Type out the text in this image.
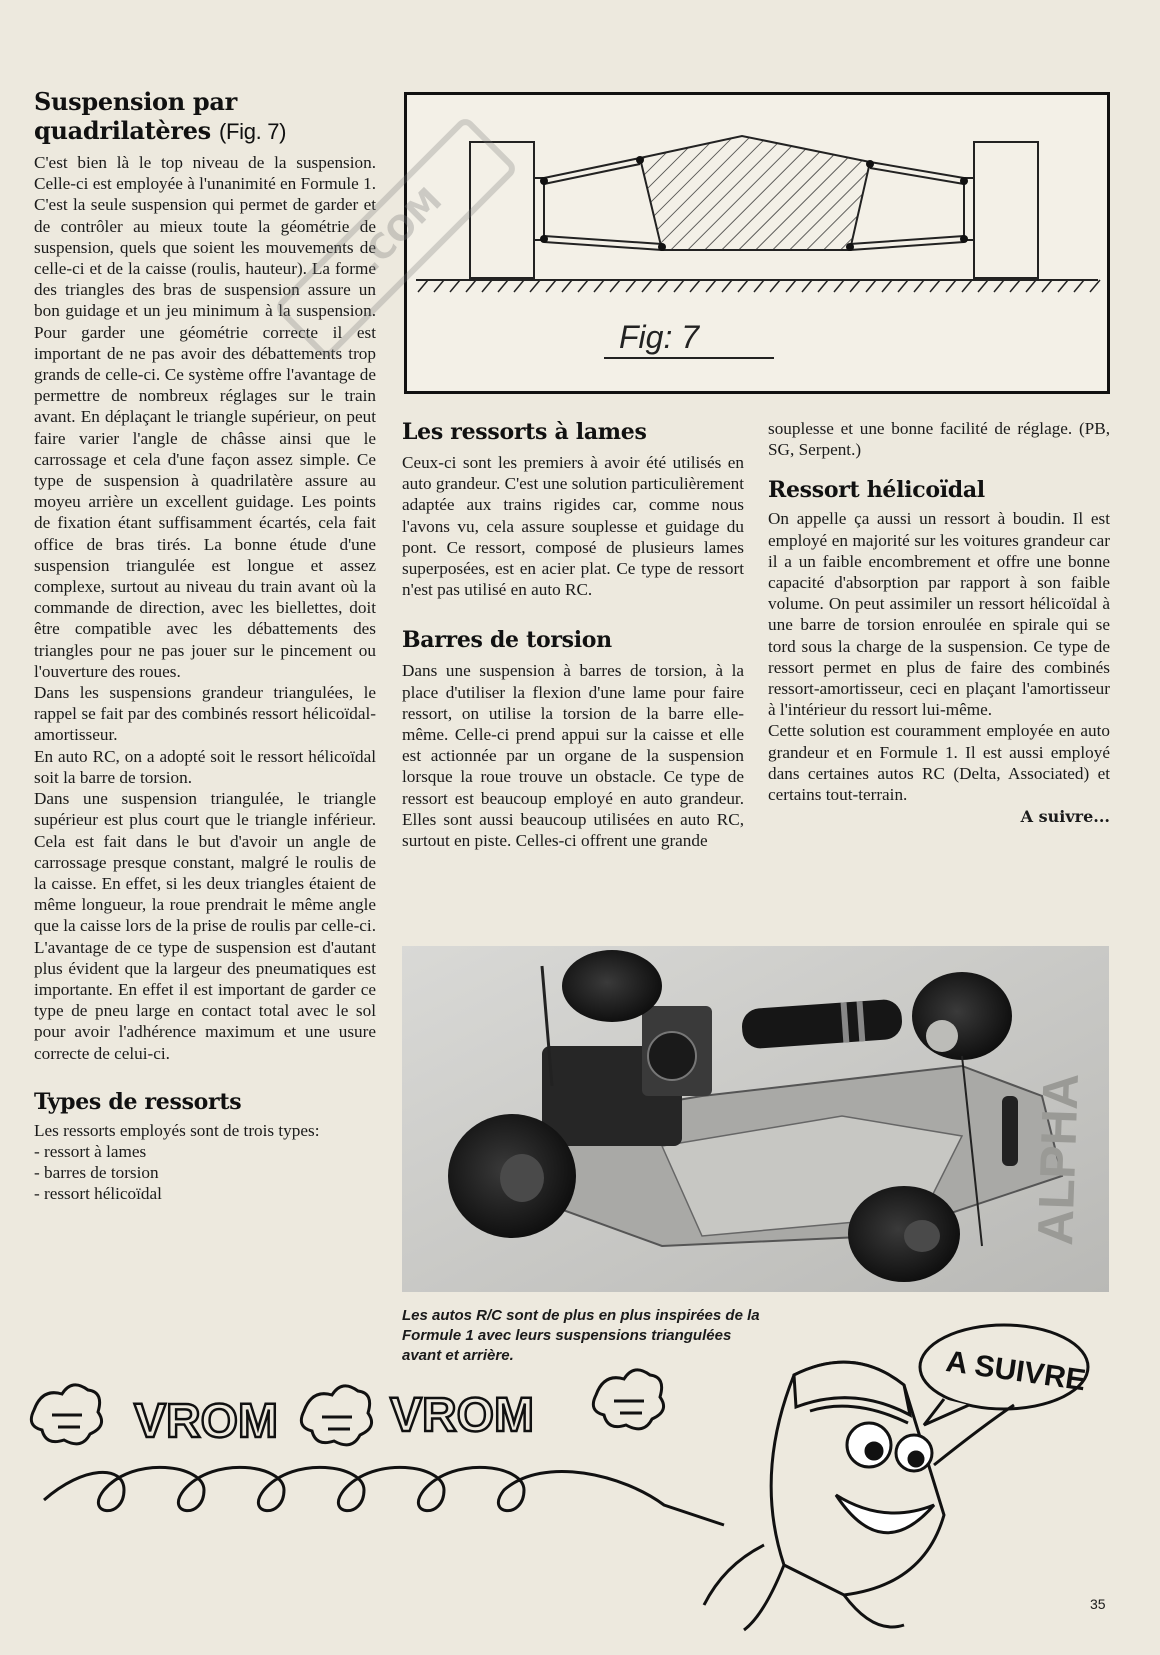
Suspension par quadrilatères (Fig. 7)

C'est bien là le top niveau de la suspension. Celle-ci est employée à l'unanimité en Formule 1. C'est la seule suspension qui permet de garder et de contrôler au mieux toute la géométrie de suspension, quels que soient les mouvements de celle-ci et de la caisse (roulis, hauteur). La forme des triangles des bras de suspension assure un bon guidage et un jeu minimum à la suspension. Pour garder une géométrie correcte il est important de ne pas avoir des débattements trop grands de celle-ci. Ce système offre l'avantage de permettre de nombreux réglages sur le train avant. En déplaçant le triangle supérieur, on peut faire varier l'angle de châsse ainsi que le carrossage et cela d'une façon assez simple. Ce type de suspension à quadrilatère assure au moyeu arrière un excellent guidage. Les points de fixation étant suffisamment écartés, cela fait office de bras tirés. La bonne étude d'une suspension triangulée est longue et assez complexe, surtout au niveau du train avant où la commande de direction, avec les biellettes, doit être compatible avec les débattements des triangles pour ne pas jouer sur le pincement ou l'ouverture des roues.

Dans les suspensions grandeur triangulées, le rappel se fait par des combinés ressort hélicoïdal-amortisseur.

En auto RC, on a adopté soit le ressort hélicoïdal soit la barre de torsion.

Dans une suspension triangulée, le triangle supérieur est plus court que le triangle inférieur. Cela est fait dans le but d'avoir un angle de carrossage presque constant, malgré le roulis de la caisse. En effet, si les deux triangles étaient de même longueur, la roue prendrait le même angle que la caisse lors de la prise de roulis par celle-ci. L'avantage de ce type de suspension est d'autant plus évident que la largeur des pneumatiques est importante. En effet il est important de garder ce type de pneu large en contact total avec le sol pour avoir l'adhérence maximum et une usure correcte de celui-ci.

Types de ressorts

Les ressorts employés sont de trois types:

- ressort à lames
- barres de torsion
- ressort hélicoïdal
Fig: 7
Les ressorts à lames

Ceux-ci sont les premiers à avoir été utilisés en auto grandeur. C'est une solution particulièrement adaptée aux trains rigides car, comme nous l'avons vu, cela assure souplesse et guidage du pont. Ce ressort, composé de plusieurs lames superposées, est en acier plat. Ce type de ressort n'est pas utilisé en auto RC.

Barres de torsion

Dans une suspension à barres de torsion, à la place d'utiliser la flexion d'une lame pour faire ressort, on utilise la torsion de la barre elle-même. Celle-ci prend appui sur la caisse et elle est actionnée par un organe de la suspension lorsque la roue trouve un obstacle. Ce type de ressort est beaucoup employé en auto grandeur. Elles sont aussi beaucoup utilisées en auto RC, surtout en piste. Celles-ci offrent une grande

souplesse et une bonne facilité de réglage. (PB, SG, Serpent.)

Ressort hélicoïdal

On appelle ça aussi un ressort à boudin. Il est employé en majorité sur les voitures grandeur car il a un faible encombrement et offre une bonne capacité d'absorption par rapport à son faible volume. On peut assimiler un ressort hélicoïdal à une barre de torsion enroulée en spirale qui se tord sous la charge de la suspension. Ce type de ressort permet en plus de faire des combinés ressort-amortisseur, ceci en plaçant l'amortisseur à l'intérieur du ressort lui-même.

Cette solution est couramment employée en auto grandeur et en Formule 1. Il est aussi employé dans certaines autos RC (Delta, Associated) et certains tout-terrain.

A suivre...
ALPHA
Les autos R/C sont de plus en plus inspirées de la Formule 1 avec leurs suspensions triangulées avant et arrière.	A SUIVRE
VROM VROM
35
.COM
